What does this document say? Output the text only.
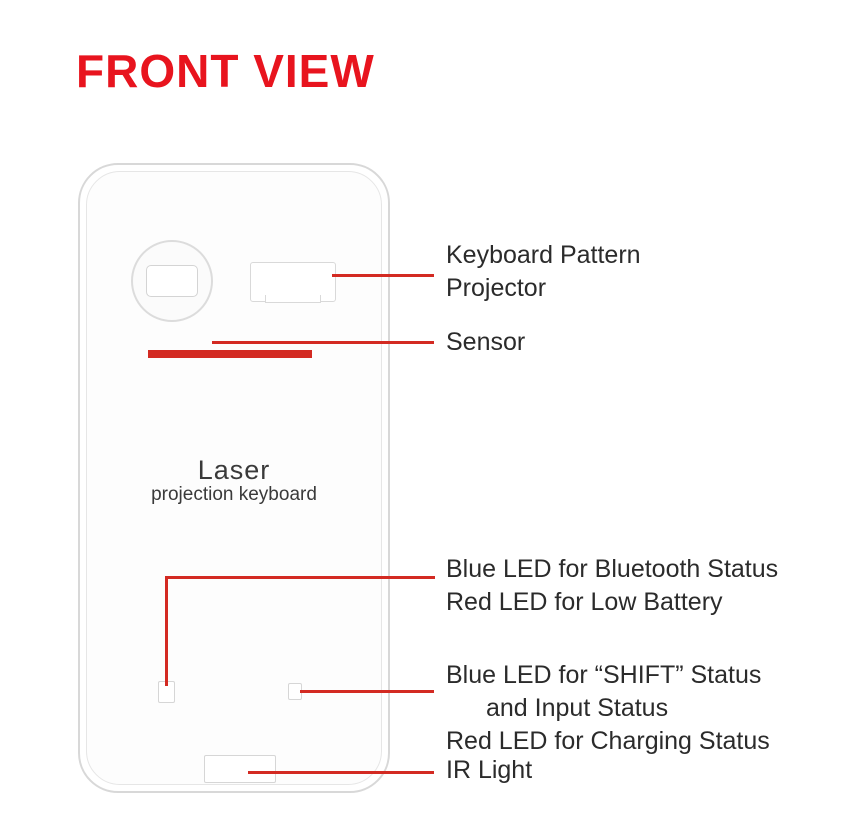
FRONT VIEW
Laser
projection keyboard
Keyboard Pattern
Projector
Sensor
Blue LED for Bluetooth Status
Red LED for Low Battery
Blue LED for “SHIFT” Status
and Input Status
Red LED for Charging Status
IR Light
